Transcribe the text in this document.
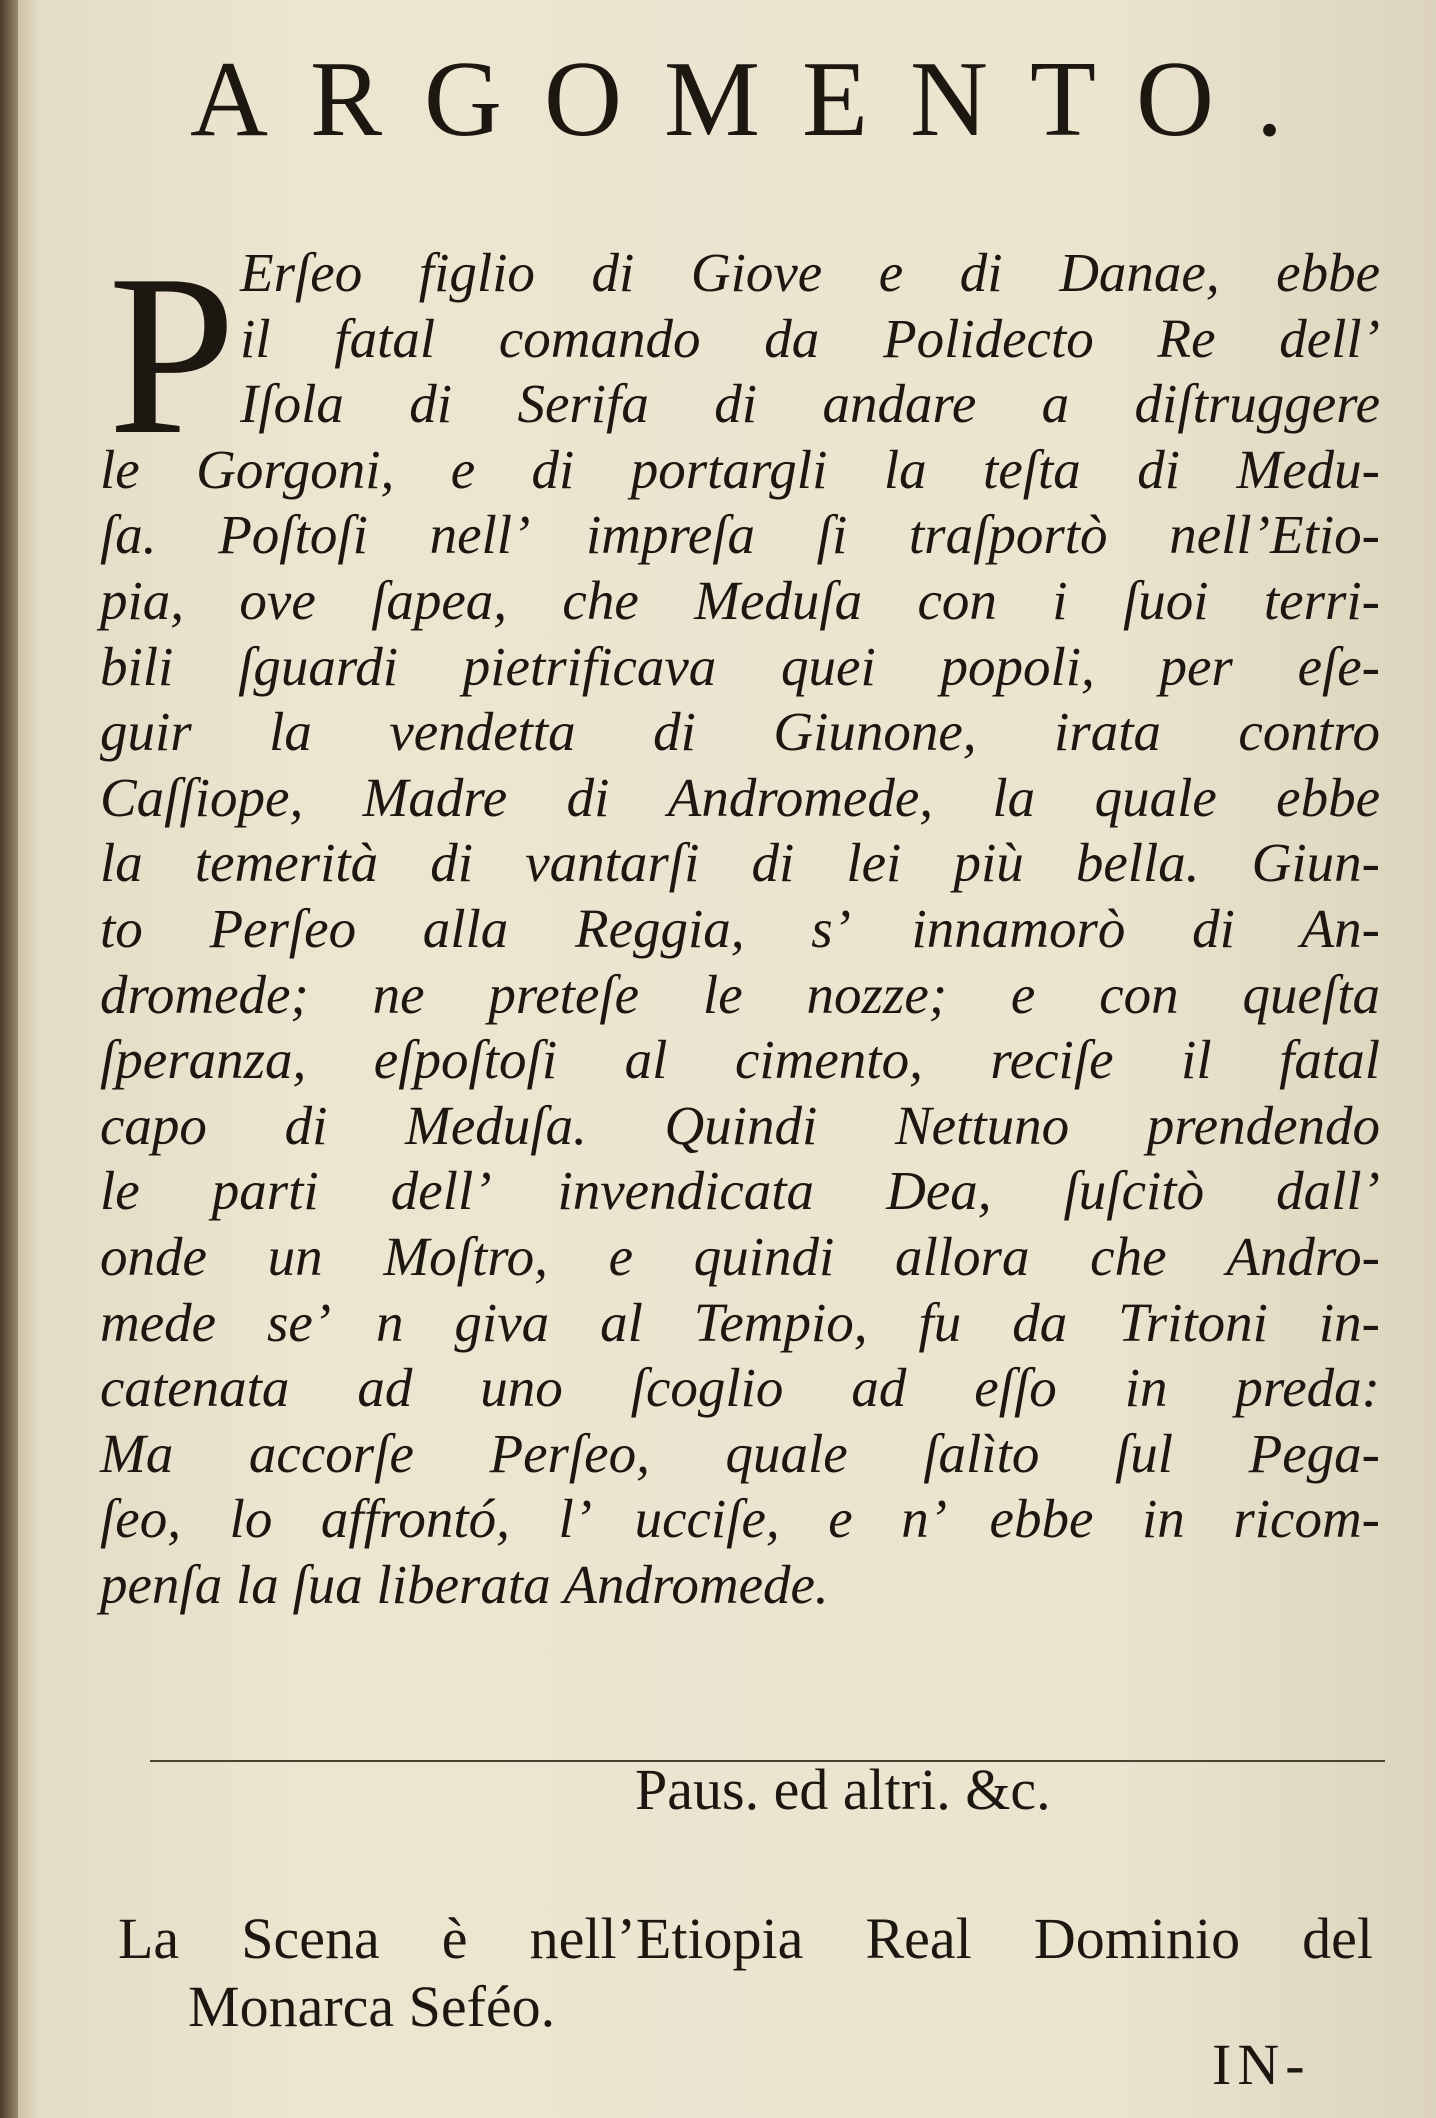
ARGOMENTO.
P Erſeo figlio di Giove e di Danae, ebbe
il fatal comando da Polidecto Re dell’
Iſola di Serifa di andare a diſtruggere
le Gorgoni, e di portargli la teſta di Medu-
ſa. Poſtoſi nell’ impreſa ſi traſportò nell’Etio-
pia, ove ſapea, che Meduſa con i ſuoi terri-
bili ſguardi pietrificava quei popoli, per eſe-
guir la vendetta di Giunone, irata contro
Caſſiope, Madre di Andromede, la quale ebbe
la temerità di vantarſi di lei più bella. Giun-
to Perſeo alla Reggia, s’ innamorò di An-
dromede; ne preteſe le nozze; e con queſta
ſperanza, eſpoſtoſi al cimento, reciſe il fatal
capo di Meduſa. Quindi Nettuno prendendo
le parti dell’ invendicata Dea, ſuſcitò dall’
onde un Moſtro, e quindi allora che Andro-
mede se’ n giva al Tempio, fu da Tritoni in-
catenata ad uno ſcoglio ad eſſo in preda:
Ma accorſe Perſeo, quale ſalìto ſul Pega-
ſeo, lo affrontó, l’ ucciſe, e n’ ebbe in ricom-
penſa la ſua liberata Andromede.
Paus. ed altri. &c.
La Scena è nell’Etiopia Real Dominio del
Monarca Seféo.
IN-
